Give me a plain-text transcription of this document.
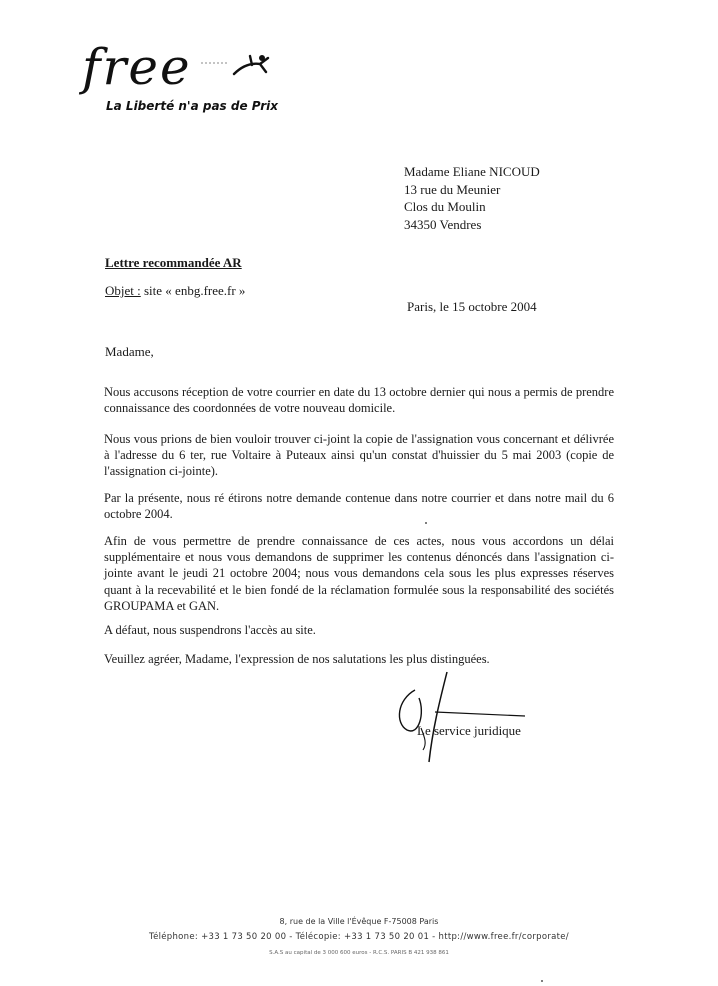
free
La Liberté n'a pas de Prix
Madame Eliane NICOUD
13 rue du Meunier
Clos du Moulin
34350 Vendres
Lettre recommandée AR
Objet : site « enbg.free.fr »
Paris, le 15 octobre 2004
Madame,
Nous accusons réception de votre courrier en date du 13 octobre dernier qui nous a permis de prendre connaissance des coordonnées de votre nouveau domicile.
Nous vous prions de bien vouloir trouver ci-joint la copie de l'assignation vous concernant et délivrée à l'adresse du 6 ter, rue Voltaire à Puteaux ainsi qu'un constat d'huissier du 5 mai 2003 (copie de l'assignation ci-jointe).
Par la présente, nous ré étirons notre demande contenue dans notre courrier et dans notre mail du 6 octobre 2004.
Afin de vous permettre de prendre connaissance de ces actes, nous vous accordons un délai supplémentaire et nous vous demandons de supprimer les contenus dénoncés dans l'assignation ci-jointe avant le jeudi 21 octobre 2004; nous vous demandons cela sous les plus expresses réserves quant à la recevabilité et le bien fondé de la réclamation formulée sous la responsabilité des sociétés GROUPAMA et GAN.
A défaut, nous suspendrons l'accès au site.
Veuillez agréer, Madame, l'expression de nos salutations les plus distinguées.
Le service juridique
8, rue de la Ville l'Évêque F-75008 Paris
Téléphone: +33 1 73 50 20 00 - Télécopie: +33 1 73 50 20 01 - http://www.free.fr/corporate/
S.A.S au capital de 3 000 600 euros - R.C.S. PARIS B 421 938 861
